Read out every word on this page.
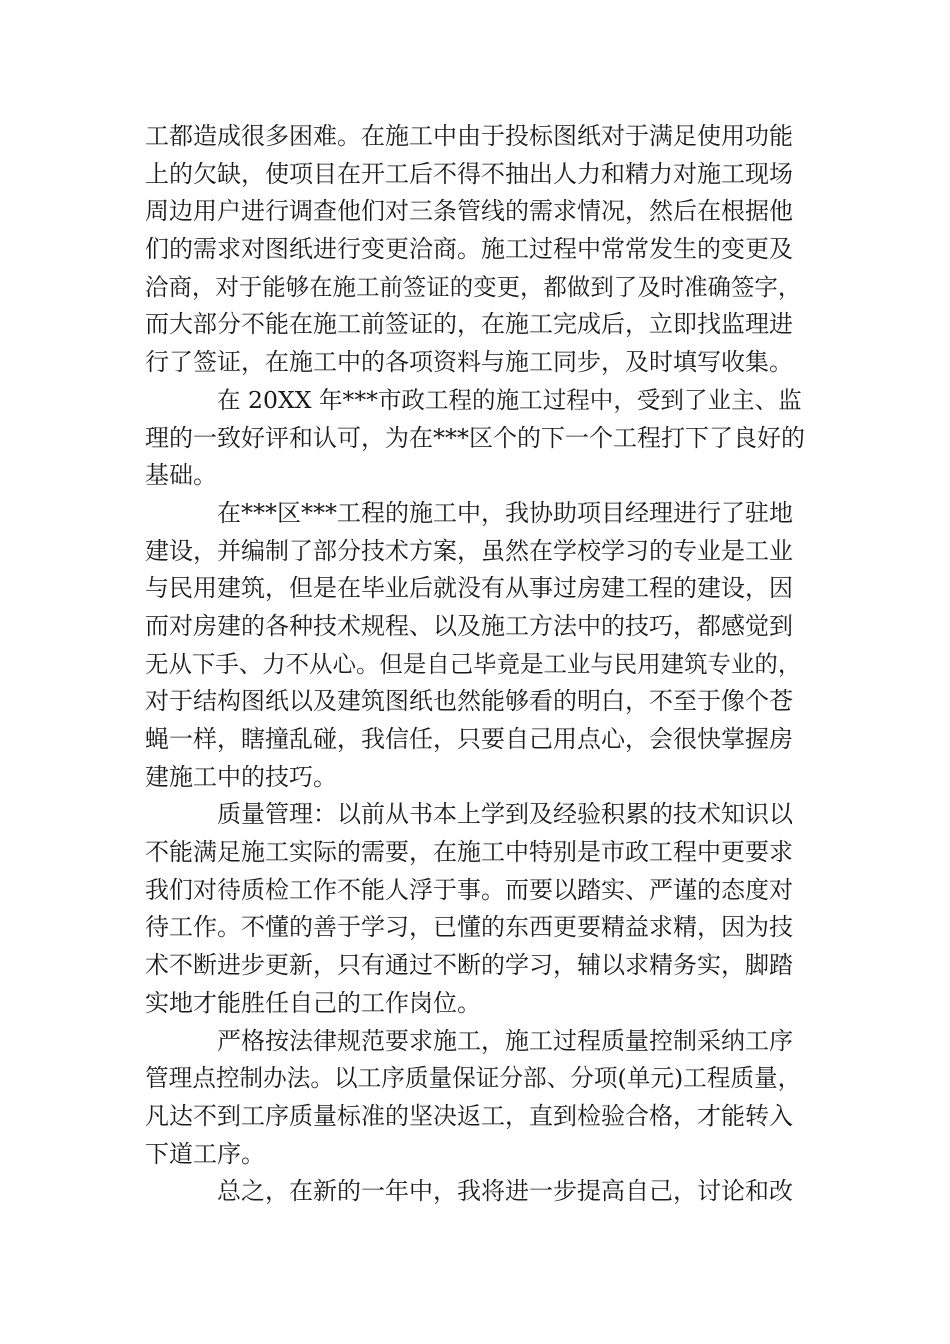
工都造成很多困难。在施工中由于投标图纸对于满足使用功能
上的欠缺，使项目在开工后不得不抽出人力和精力对施工现场
周边用户进行调查他们对三条管线的需求情况，然后在根据他
们的需求对图纸进行变更洽商。施工过程中常常发生的变更及
洽商，对于能够在施工前签证的变更，都做到了及时准确签字，
而大部分不能在施工前签证的，在施工完成后，立即找监理进
行了签证，在施工中的各项资料与施工同步，及时填写收集。
在 20XX 年***市政工程的施工过程中，受到了业主、监
理的一致好评和认可，为在***区个的下一个工程打下了良好的
基础。
在***区***工程的施工中，我协助项目经理进行了驻地
建设，并编制了部分技术方案，虽然在学校学习的专业是工业
与民用建筑，但是在毕业后就没有从事过房建工程的建设，因
而对房建的各种技术规程、以及施工方法中的技巧，都感觉到
无从下手、力不从心。但是自己毕竟是工业与民用建筑专业的，
对于结构图纸以及建筑图纸也然能够看的明白，不至于像个苍
蝇一样，瞎撞乱碰，我信任，只要自己用点心，会很快掌握房
建施工中的技巧。
质量管理：以前从书本上学到及经验积累的技术知识以
不能满足施工实际的需要，在施工中特别是市政工程中更要求
我们对待质检工作不能人浮于事。而要以踏实、严谨的态度对
待工作。不懂的善于学习，已懂的东西更要精益求精，因为技
术不断进步更新，只有通过不断的学习，辅以求精务实，脚踏
实地才能胜任自己的工作岗位。
严格按法律规范要求施工，施工过程质量控制采纳工序
管理点控制办法。以工序质量保证分部、分项(单元)工程质量，
凡达不到工序质量标准的坚决返工，直到检验合格，才能转入
下道工序。
总之，在新的一年中，我将进一步提高自己，讨论和改
